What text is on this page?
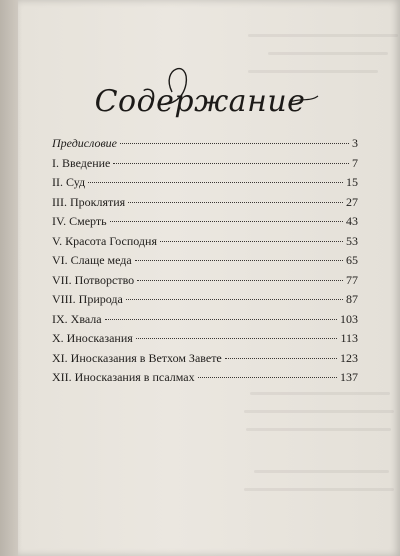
Содержание
Предисловие	3
I. Введение	7
II. Суд	15
III. Проклятия	27
IV. Смерть	43
V. Красота Господня	53
VI. Слаще меда	65
VII. Потворство	77
VIII. Природа	87
IX. Хвала	103
X. Иносказания	113
XI. Иносказания в Ветхом Завете	123
XII. Иносказания в псалмах	137
